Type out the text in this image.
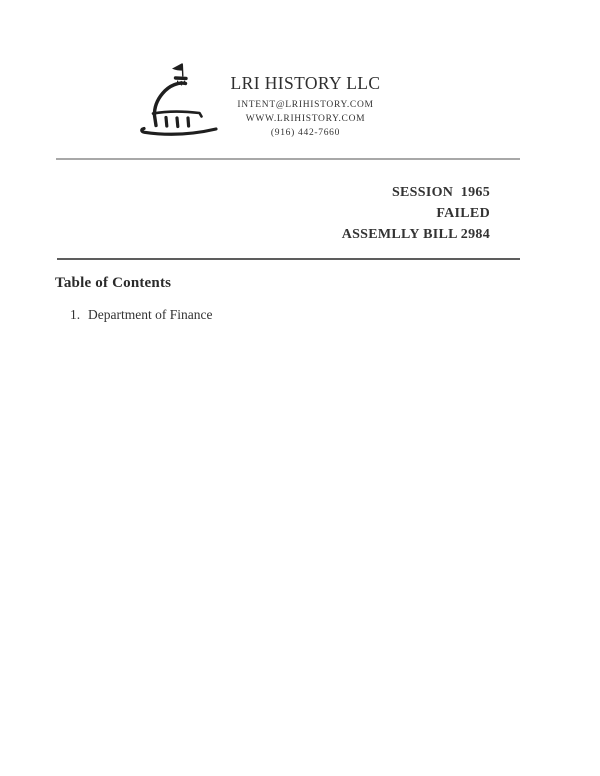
LRI HISTORY LLC
INTENT@LRIHISTORY.COM
WWW.LRIHISTORY.COM
(916) 442-7660
SESSION  1965
FAILED
ASSEMLLY BILL 2984
Table of Contents
1. Department of Finance
